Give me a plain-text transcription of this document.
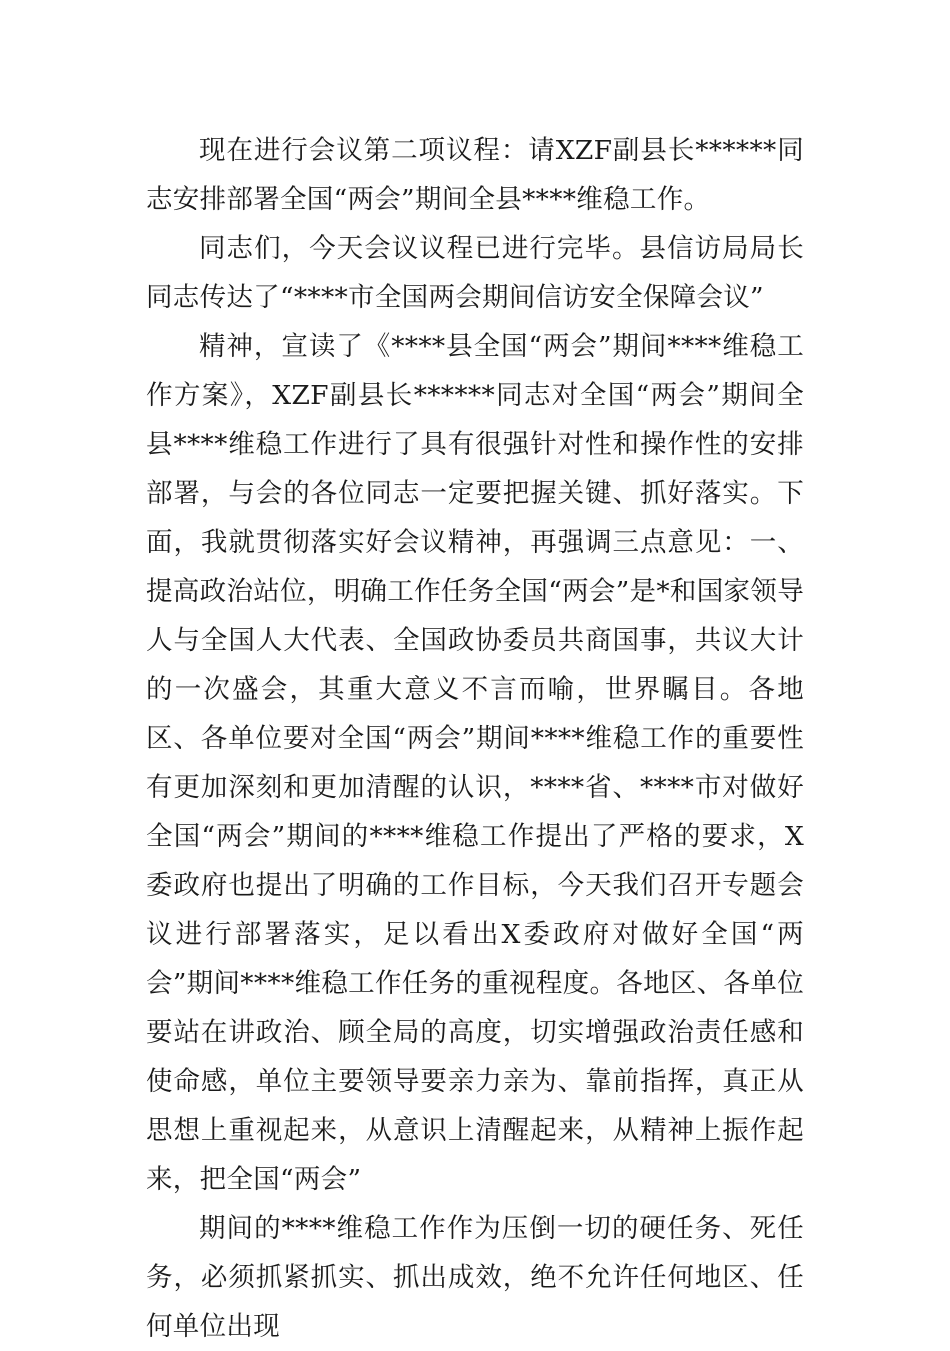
现在进行会议第二项议程：请XZF副县长******同志安排部署全国“两会”期间全县****维稳工作。

同志们，今天会议议程已进行完毕。县信访局局长同志传达了“****市全国两会期间信访安全保障会议”

精神，宣读了《****县全国“两会”期间****维稳工作方案》，XZF副县长******同志对全国“两会”期间全县****维稳工作进行了具有很强针对性和操作性的安排部署，与会的各位同志一定要把握关键、抓好落实。下面，我就贯彻落实好会议精神，再强调三点意见：一、提高政治站位，明确工作任务全国“两会”是*和国家领导人与全国人大代表、全国政协委员共商国事，共议大计的一次盛会，其重大意义不言而喻，世界瞩目。各地区、各单位要对全国“两会”期间****维稳工作的重要性有更加深刻和更加清醒的认识，****省、****市对做好全国“两会”期间的****维稳工作提出了严格的要求，X委政府也提出了明确的工作目标，今天我们召开专题会议进行部署落实，足以看出X委政府对做好全国“两会”期间****维稳工作任务的重视程度。各地区、各单位要站在讲政治、顾全局的高度，切实增强政治责任感和使命感，单位主要领导要亲力亲为、靠前指挥，真正从思想上重视起来，从意识上清醒起来，从精神上振作起来，把全国“两会”

期间的****维稳工作作为压倒一切的硬任务、死任务，必须抓紧抓实、抓出成效，绝不允许任何地区、任何单位出现
